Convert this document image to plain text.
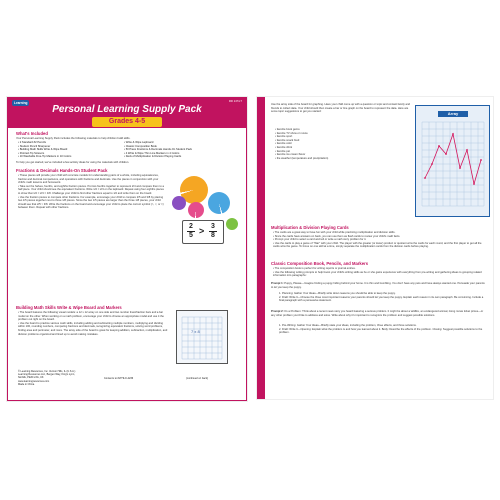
Learning	RFI 1474-T
Personal Learning Supply Pack
Grades 4-5
What's Included
Your Personal Learning Supply Pack includes the following materials to help children build skills.
• 2 Standard #2 Pencils
• Student Pencil Sharpener
• Building Math Skills Write & Wipe Board
• Pointed-Tip Scissors
• 10 Washable Fine-Tip Markers in 10 Colors
• Write & Wipe Lapboard
• Classic Composition Book
• 50 Piece Fractions & Decimals Hands-On Student Pack
• 4 Write & Wipe Thin Line Markers in 4 Colors
• Deck of Multiplication & Division Playing Cards
To help you get started, we've included a few activity ideas for using the materials with children.
Fractions & Decimals Hands-On Student Pack
• These pieces will provide your child with concrete models for understanding parts of a whole, including equivalences, fraction and decimal comparisons, and operations with fractions and decimals. Use the pieces in conjunction with your child's math lessons and homework.
• Take out the halves, fourths, and eighths fraction pieces. Put two fourths together to represent 2/4 and compare them to a half piece. Your child should see the equivalent fractions. Write 1/2 = 2/4 on the lapboard. Repeat using four eighths pieces to show that 1/2 = 2/4 = 4/8. Challenge your child to find other fractions equal to 1/2 and write them on the board.
• Use the fraction pieces to compare other fractions. For example, encourage your child to compare 2/5 and 3/8 by placing two 1/5 pieces together next to three 1/8 pieces. Since the two 1/5 pieces are larger than the three 1/8 pieces, your child should see that 2/5 > 3/8. Write the fractions on the board and encourage your child to place the correct symbol (>, <, or =) between them. Repeat with other fractions.
2
5 > 3
8
Building Math Skills Write & Wipe Board and Markers
• The board features the following visual models: a 12 x 12 array on one side and two number lines/fraction bars and a bar model on the other. When working on a math problem, encourage your child to choose an appropriate model and use it the problem out right on the board.
• Use the board to practice various math skills, including adding and subtracting multiple numbers, multiplying and dividing within 100, rounding numbers, comparing fractions and decimals, recognizing equivalent fractions, solving word problems, finding area and perimeter, and more. The array side of the board is great for keeping addition, subtraction, multiplication, and division problems organized and lined up to avoid making mistakes.
7 x 8
© Learning Resources, Inc. Vernon Hills, IL (U.S.A.)
Learning Resources Ltd., Bergen Way, King's Lynn, Norfolk, PE30 2JG, UK
www.learningresources.com
Made in China.
Contents to #LTHLO-4236	(continued on back)
Use the array side of the board for graphing. Have your child come up with a question or topic and contact family and friends to collect data. Your child should then create a bar or line graph on the board to represent the data. Here are some topic suggestions to get you started:
• favorite book genre
• favorite TV show or movie
• favorite sport
• favorite snack food
• favorite color
• favorite drink
• favorite pet
• favorite ice cream flavor
• the weather (temperature and precipitation)
Array
Multiplication & Division Playing Cards
• The cards are a great way to have fun with your child while practicing multiplication and division skills.
• Since the cards have answers on back, you can use them as flash cards to review your child's math facts.
• Prompt your child to select a card and tell or write a math story problem for it.
• Use the cards to play a game of "War" with your child. The player with the greater (or lower) product or quotient wins the cards for each round, and the first player to get all the cards wins the game. To focus on one skill at a time, simply separate the multiplication cards from the division cards before playing.
Classic Composition Book, Pencils, and Markers
• The composition book is perfect for writing reports or journal entries.
• Use the following writing prompts to help boost your child's writing skills as he or she gains experience with everything from pre-writing and gathering ideas to grouping related information into paragraphs:
Prompt 1: Puppy, Please—Imagine finding a puppy hiding behind your home. It is thin and trembling. You don't have any pets and have always wanted one. Persuade your parents to let you keep the puppy.
1. Planning: Gather Your Ideas—Briefly write down reasons you should be able to keep the puppy.
2. Draft: Write It—Choose the three most important reasons your parents should let you keep the puppy. Explain each reason in its own paragraph. Be convincing. Include a final paragraph with a persuasive statement.
Prompt 2: It's a Problem: Think about a recent news story you heard featuring a serious problem. It might be about a wildfire, an endangered animal, rising movie ticket prices—or any other problem you'd like to address and solve. Write about why it's important to recognize the problem and suggest possible solutions.
1. Pre-Writing: Gather Your Ideas—Briefly state your ideas, including the problem, three effects, and three solutions.
2. Draft: Write It—Opening: Explain what the problem is and how you learned about it. Body: Describe the effects of the problem. Closing: Suggest possible solutions to the problem.
